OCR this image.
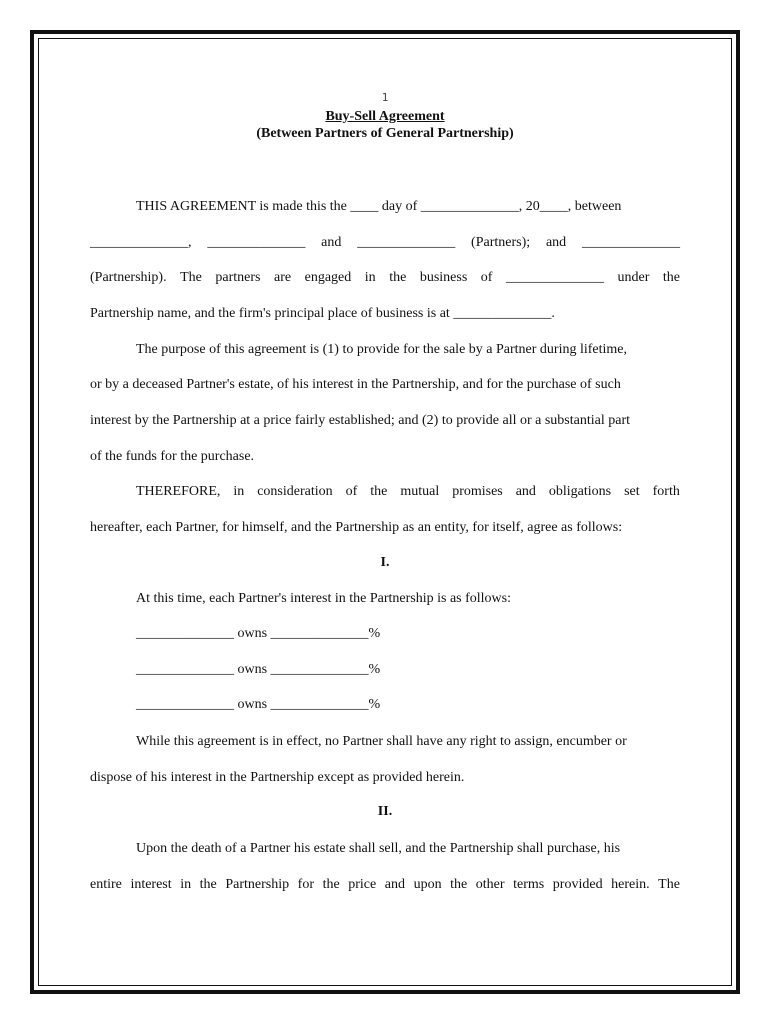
1
Buy-Sell Agreement
(Between Partners of General Partnership)
THIS AGREEMENT is made this the ____ day of ______________, 20____, between
______________, ______________ and ______________ (Partners); and ______________
(Partnership). The partners are engaged in the business of ______________ under the
Partnership name, and the firm's principal place of business is at ______________.
The purpose of this agreement is (1) to provide for the sale by a Partner during lifetime,
or by a deceased Partner's estate, of his interest in the Partnership, and for the purchase of such
interest by the Partnership at a price fairly established; and (2) to provide all or a substantial part
of the funds for the purchase.
THEREFORE, in consideration of the mutual promises and obligations set forth
hereafter, each Partner, for himself, and the Partnership as an entity, for itself, agree as follows:
I.
At this time, each Partner's interest in the Partnership is as follows:
______________ owns ______________%
______________ owns ______________%
______________ owns ______________%
While this agreement is in effect, no Partner shall have any right to assign, encumber or
dispose of his interest in the Partnership except as provided herein.
II.
Upon the death of a Partner his estate shall sell, and the Partnership shall purchase, his
entire interest in the Partnership for the price and upon the other terms provided herein. The
